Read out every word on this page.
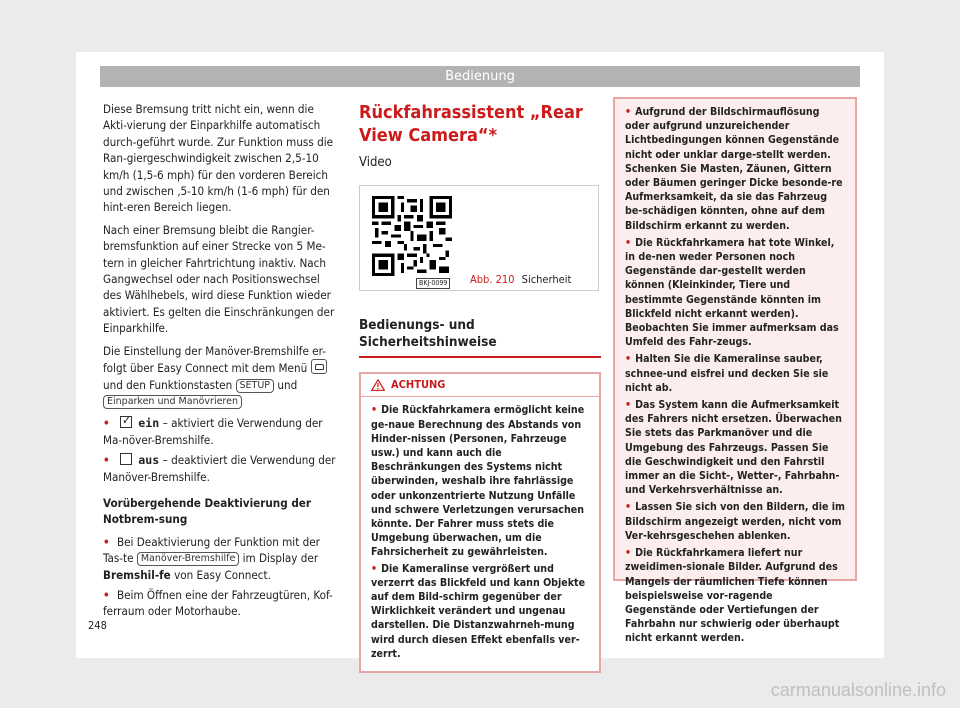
Bedienung

Diese Bremsung tritt nicht ein, wenn die Akti-vierung der Einparkhilfe automatisch durch-geführt wurde. Zur Funktion muss die Ran-giergeschwindigkeit zwischen 2,5-10 km/h (1,5-6 mph) für den vorderen Bereich und zwischen ‚5-10 km/h (1-6 mph) für den hint-eren Bereich liegen.

Nach einer Bremsung bleibt die Rangier-bremsfunktion auf einer Strecke von 5 Me-tern in gleicher Fahrtrichtung inaktiv. Nach Gangwechsel oder nach Positionswechsel des Wählhebels, wird diese Funktion wieder aktiviert. Es gelten die Einschränkungen der Einparkhilfe.

Die Einstellung der Manöver-Bremshilfe er-folgt über Easy Connect mit dem Menü  und den Funktionstasten SETUP und Einparken und Manövrieren

• ✓ ein – aktiviert die Verwendung der Ma-növer-Bremshilfe.
• aus – deaktiviert die Verwendung der Manöver-Bremshilfe.

Vorübergehende Deaktivierung der Notbrem-sung

• Bei Deaktivierung der Funktion mit der Tas-te Manöver-Bremshilfe im Display der Bremshil-fe von Easy Connect.
• Beim Öffnen eine der Fahrzeugtüren, Kof-ferraum oder Motorhaube.
Rückfahrassistent „Rear View Camera“*
Video
BKJ-0099 Abb. 210 Sicherheit
Bedienungs- und Sicherheitshinweise
ACHTUNG
• Die Rückfahrkamera ermöglicht keine ge-naue Berechnung des Abstands von Hinder-nissen (Personen, Fahrzeuge usw.) und kann auch die Beschränkungen des Systems nicht überwinden, weshalb ihre fahrlässige oder unkonzentrierte Nutzung Unfälle und schwere Verletzungen verursachen könnte. Der Fahrer muss stets die Umgebung überwachen, um die Fahrsicherheit zu gewährleisten.
• Die Kameralinse vergrößert und verzerrt das Blickfeld und kann Objekte auf dem Bild-schirm gegenüber der Wirklichkeit verändert und ungenau darstellen. Die Distanzwahrneh-mung wird durch diesen Effekt ebenfalls ver-zerrt.
• Aufgrund der Bildschirmauflösung oder aufgrund unzureichender Lichtbedingungen können Gegenstände nicht oder unklar darge-stellt werden. Schenken Sie Masten, Zäunen, Gittern oder Bäumen geringer Dicke besonde-re Aufmerksamkeit, da sie das Fahrzeug be-schädigen könnten, ohne auf dem Bildschirm erkannt zu werden.
• Die Rückfahrkamera hat tote Winkel, in de-nen weder Personen noch Gegenstände dar-gestellt werden können (Kleinkinder, Tiere und bestimmte Gegenstände könnten im Blickfeld nicht erkannt werden). Beobachten Sie immer aufmerksam das Umfeld des Fahr-zeugs.
• Halten Sie die Kameralinse sauber, schnee-und eisfrei und decken Sie sie nicht ab.
• Das System kann die Aufmerksamkeit des Fahrers nicht ersetzen. Überwachen Sie stets das Parkmanöver und die Umgebung des Fahrzeugs. Passen Sie die Geschwindigkeit und den Fahrstil immer an die Sicht-, Wetter-, Fahrbahn- und Verkehrsverhältnisse an.
• Lassen Sie sich von den Bildern, die im Bildschirm angezeigt werden, nicht vom Ver-kehrsgeschehen ablenken.
• Die Rückfahrkamera liefert nur zweidimen-sionale Bilder. Aufgrund des Mangels der räumlichen Tiefe können beispielsweise vor-ragende Gegenstände oder Vertiefungen der Fahrbahn nur schwierig oder überhaupt nicht erkannt werden.
248
carmanualsonline.info
